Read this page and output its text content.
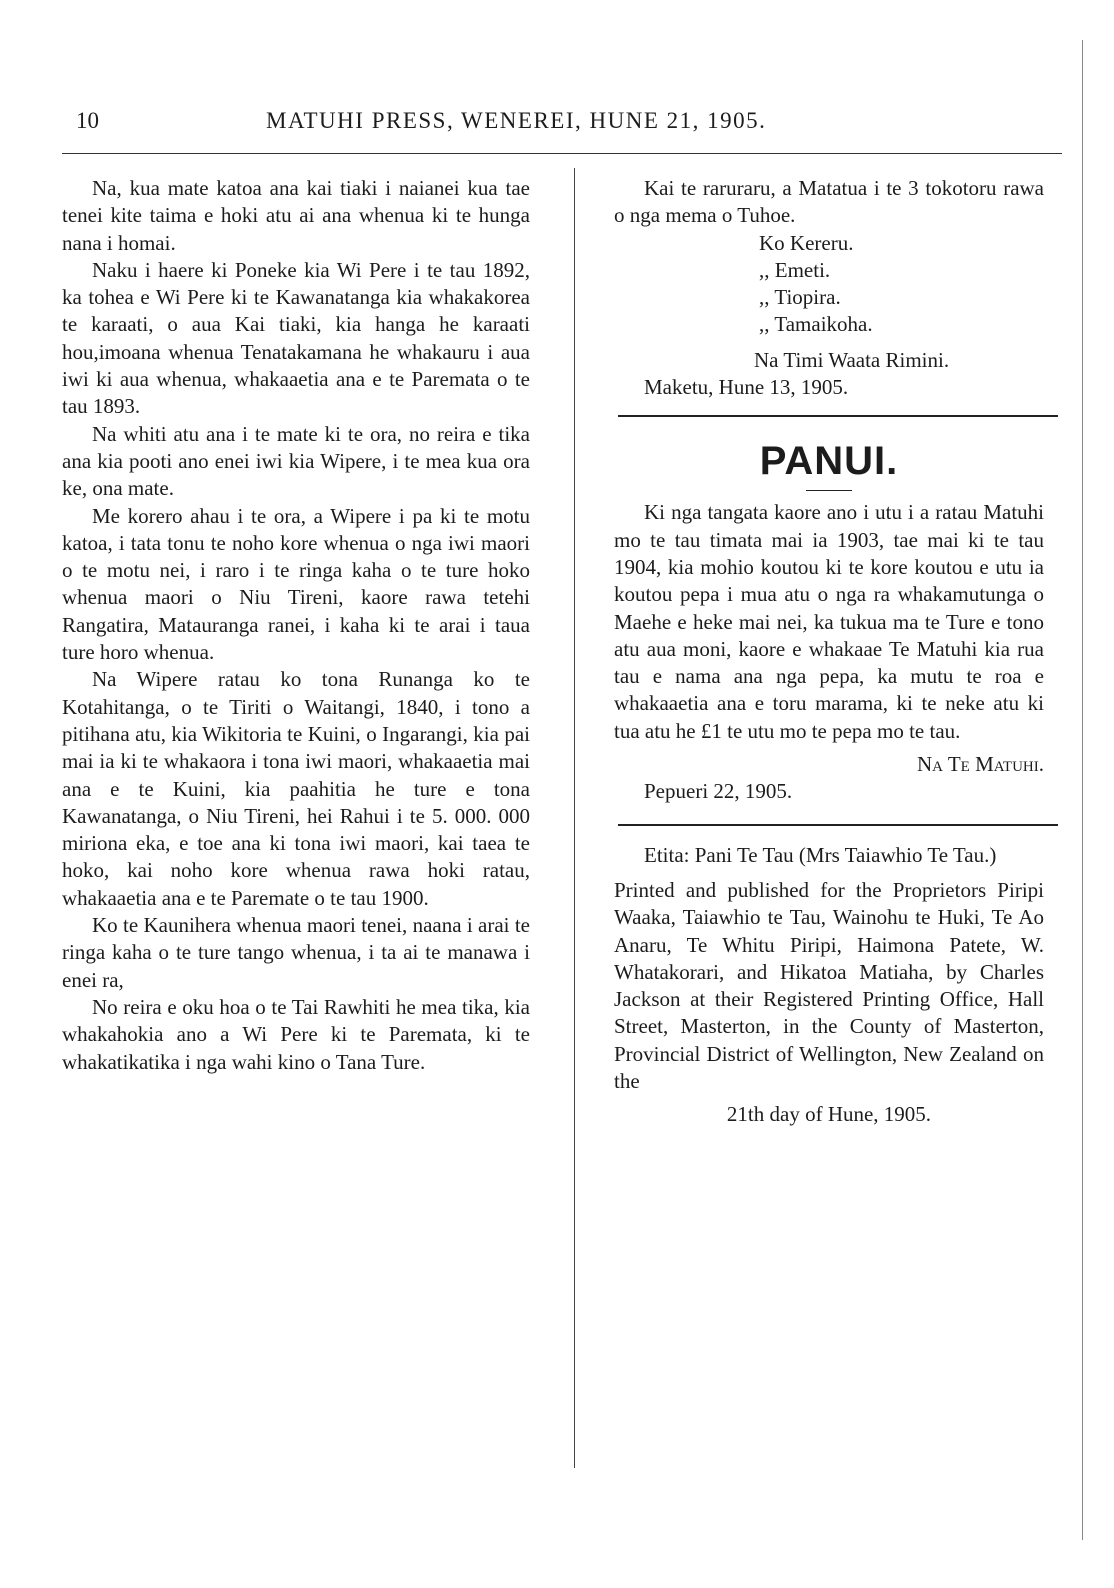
10	MATUHI PRESS, WENEREI, HUNE 21, 1905.

Na, kua mate katoa ana kai tiaki i naianei kua tae tenei kite taima e hoki atu ai ana whenua ki te hunga nana i homai.

Naku i haere ki Poneke kia Wi Pere i te tau 1892, ka tohea e Wi Pere ki te Kawanatanga kia whakakorea te karaati, o aua Kai tiaki, kia hanga he karaati hou,imoana whenua Tenatakamana he whakauru i aua iwi ki aua whenua, whakaaetia ana e te Paremata o te tau 1893.

Na whiti atu ana i te mate ki te ora, no reira e tika ana kia pooti ano enei iwi kia Wipere, i te mea kua ora ke, ona mate.

Me korero ahau i te ora, a Wipere i pa ki te motu katoa, i tata tonu te noho kore whenua o nga iwi maori o te motu nei, i raro i te ringa kaha o te ture hoko whenua maori o Niu Tireni, kaore rawa tetehi Rangatira, Matauranga ranei, i kaha ki te arai i taua ture horo whenua.

Na Wipere ratau ko tona Runanga ko te Kotahitanga, o te Tiriti o Waitangi, 1840, i tono a pitihana atu, kia Wikitoria te Kuini, o Ingarangi, kia pai mai ia ki te whakaora i tona iwi maori, whakaaetia mai ana e te Kuini, kia paahitia he ture e tona Kawanatanga, o Niu Tireni, hei Rahui i te 5. 000. 000 miriona eka, e toe ana ki tona iwi maori, kai taea te hoko, kai noho kore whenua rawa hoki ratau, whakaaetia ana e te Paremate o te tau 1900.

Ko te Kaunihera whenua maori tenei, naana i arai te ringa kaha o te ture tango whenua, i ta ai te manawa i enei ra,

No reira e oku hoa o te Tai Rawhiti he mea tika, kia whakahokia ano a Wi Pere ki te Paremata, ki te whakatikatika i nga wahi kino o Tana Ture.

Kai te raruraru, a Matatua i te 3 tokotoru rawa o nga mema o Tuhoe.

Ko Kereru.
,, Emeti.
,, Tiopira.
,, Tamaikoha.
Na Timi Waata Rimini.
Maketu, Hune 13, 1905.
PANUI.

Ki nga tangata kaore ano i utu i a ratau Matuhi mo te tau timata mai ia 1903, tae mai ki te tau 1904, kia mohio koutou ki te kore koutou e utu ia koutou pepa i mua atu o nga ra whakamutunga o Maehe e heke mai nei, ka tukua ma te Ture e tono atu aua moni, kaore e whakaae Te Matuhi kia rua tau e nama ana nga pepa, ka mutu te roa e whakaaetia ana e toru marama, ki te neke atu ki tua atu he £1 te utu mo te pepa mo te tau.

Na Te Matuhi.
Pepueri 22, 1905.

Etita: Pani Te Tau (Mrs Taiawhio Te Tau.)

Printed and published for the Proprietors Piripi Waaka, Taiawhio te Tau, Wainohu te Huki, Te Ao Anaru, Te Whitu Piripi, Haimona Patete, W. Whatakorari, and Hikatoa Matiaha, by Charles Jackson at their Registered Printing Office, Hall Street, Masterton, in the County of Masterton, Provincial District of Wellington, New Zealand on the

21th day of Hune, 1905.
